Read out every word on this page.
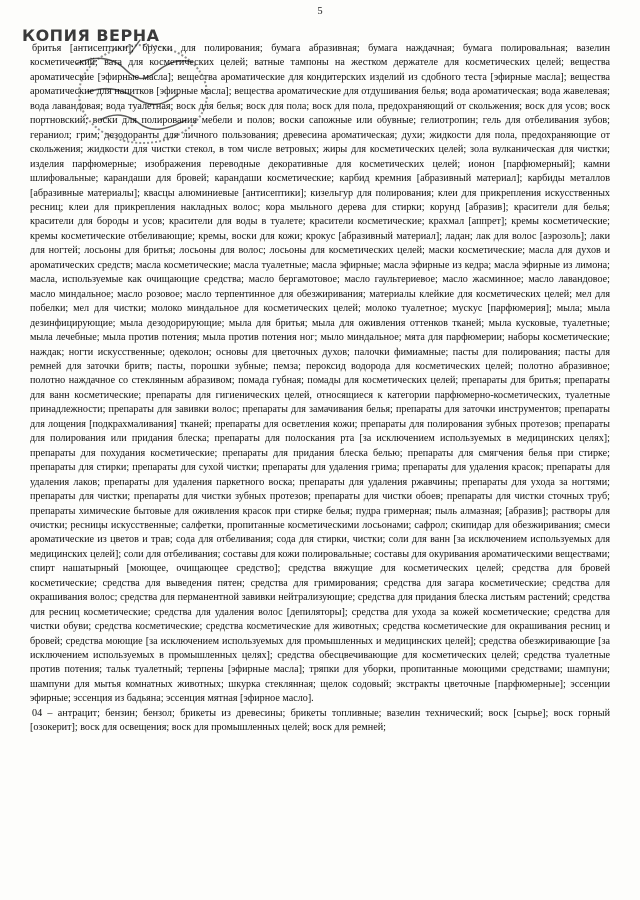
5
КОПИЯ ВЕРНА

бритья [антисептики]; бруски для полирования; бумага абразивная; бумага наждачная; бумага полировальная; вазелин косметический; вата для косметических целей; ватные тампоны на жестком держателе для косметических целей; вещества ароматические [эфирные масла]; вещества ароматические для кондитерских изделий из сдобного теста [эфирные масла]; вещества ароматические для напитков [эфирные масла]; вещества ароматические для отдушивания белья; вода ароматическая; вода жавелевая; вода лавандовая; вода туалетная; воск для белья; воск для пола; воск для пола, предохраняющий от скольжения; воск для усов; воск портновский; воски для полирования мебели и полов; воски сапожные или обувные; гелиотропин; гель для отбеливания зубов; гераниол; грим; дезодоранты для личного пользования; древесина ароматическая; духи; жидкости для пола, предохраняющие от скольжения; жидкости для чистки стекол, в том числе ветровых; жиры для косметических целей; зола вулканическая для чистки; изделия парфюмерные; изображения переводные декоративные для косметических целей; ионон [парфюмерный]; камни шлифовальные; карандаши для бровей; карандаши косметические; карбид кремния [абразивный материал]; карбиды металлов [абразивные материалы]; квасцы алюминиевые [антисептики]; кизельгур для полирования; клеи для прикрепления искусственных ресниц; клеи для прикрепления накладных волос; кора мыльного дерева для стирки; корунд [абразив]; красители для белья; красители для бороды и усов; красители для воды в туалете; красители косметические; крахмал [аппрет]; кремы косметические; кремы косметические отбеливающие; кремы, воски для кожи; крокус [абразивный материал]; ладан; лак для волос [аэрозоль]; лаки для ногтей; лосьоны для бритья; лосьоны для волос; лосьоны для косметических целей; маски косметические; масла для духов и ароматических средств; масла косметические; масла туалетные; масла эфирные; масла эфирные из кедра; масла эфирные из лимона; масла, используемые как очищающие средства; масло бергамотовое; масло гаультериевое; масло жасминное; масло лавандовое; масло миндальное; масло розовое; масло терпентинное для обезжиривания; материалы клейкие для косметических целей; мел для побелки; мел для чистки; молоко миндальное для косметических целей; молоко туалетное; мускус [парфюмерия]; мыла; мыла дезинфицирующие; мыла дезодорирующие; мыла для бритья; мыла для оживления оттенков тканей; мыла кусковые, туалетные; мыла лечебные; мыла против потения; мыла против потения ног; мыло миндальное; мята для парфюмерии; наборы косметические; наждак; ногти искусственные; одеколон; основы для цветочных духов; палочки фимиамные; пасты для полирования; пасты для ремней для заточки бритв; пасты, порошки зубные; пемза; пероксид водорода для косметических целей; полотно абразивное; полотно наждачное со стеклянным абразивом; помада губная; помады для косметических целей; препараты для бритья; препараты для ванн косметические; препараты для гигиенических целей, относящиеся к категории парфюмерно-косметических, туалетные принадлежности; препараты для завивки волос; препараты для замачивания белья; препараты для заточки инструментов; препараты для лощения [подкрахмаливания] тканей; препараты для осветления кожи; препараты для полирования зубных протезов; препараты для полирования или придания блеска; препараты для полоскания рта [за исключением используемых в медицинских целях]; препараты для похудания косметические; препараты для придания блеска белью; препараты для смягчения белья при стирке; препараты для стирки; препараты для сухой чистки; препараты для удаления грима; препараты для удаления красок; препараты для удаления лаков; препараты для удаления паркетного воска; препараты для удаления ржавчины; препараты для ухода за ногтями; препараты для чистки; препараты для чистки зубных протезов; препараты для чистки обоев; препараты для чистки сточных труб; препараты химические бытовые для оживления красок при стирке белья; пудра гримерная; пыль алмазная; [абразив]; растворы для очистки; ресницы искусственные; салфетки, пропитанные косметическими лосьонами; сафрол; скипидар для обезжиривания; смеси ароматические из цветов и трав; сода для отбеливания; сода для стирки, чистки; соли для ванн [за исключением используемых для медицинских целей]; соли для отбеливания; составы для кожи полировальные; составы для окуривания ароматическими веществами; спирт нашатырный [моющее, очищающее средство]; средства вяжущие для косметических целей; средства для бровей косметические; средства для выведения пятен; средства для гримирования; средства для загара косметические; средства для окрашивания волос; средства для перманентной завивки нейтрализующие; средства для придания блеска листьям растений; средства для ресниц косметические; средства для удаления волос [депиляторы]; средства для ухода за кожей косметические; средства для чистки обуви; средства косметические; средства косметические для животных; средства косметические для окрашивания ресниц и бровей; средства моющие [за исключением используемых для промышленных и медицинских целей]; средства обезжиривающие [за исключением используемых в промышленных целях]; средства обесцвечивающие для косметических целей; средства туалетные против потения; тальк туалетный; терпены [эфирные масла]; тряпки для уборки, пропитанные моющими средствами; шампуни; шампуни для мытья комнатных животных; шкурка стеклянная; щелок содовый; экстракты цветочные [парфюмерные]; эссенции эфирные; эссенция из бадьяна; эссенция мятная [эфирное масло].

04 – антрацит; бензин; бензол; брикеты из древесины; брикеты топливные; вазелин технический; воск [сырье]; воск горный [озокерит]; воск для освещения; воск для промышленных целей; воск для ремней;
